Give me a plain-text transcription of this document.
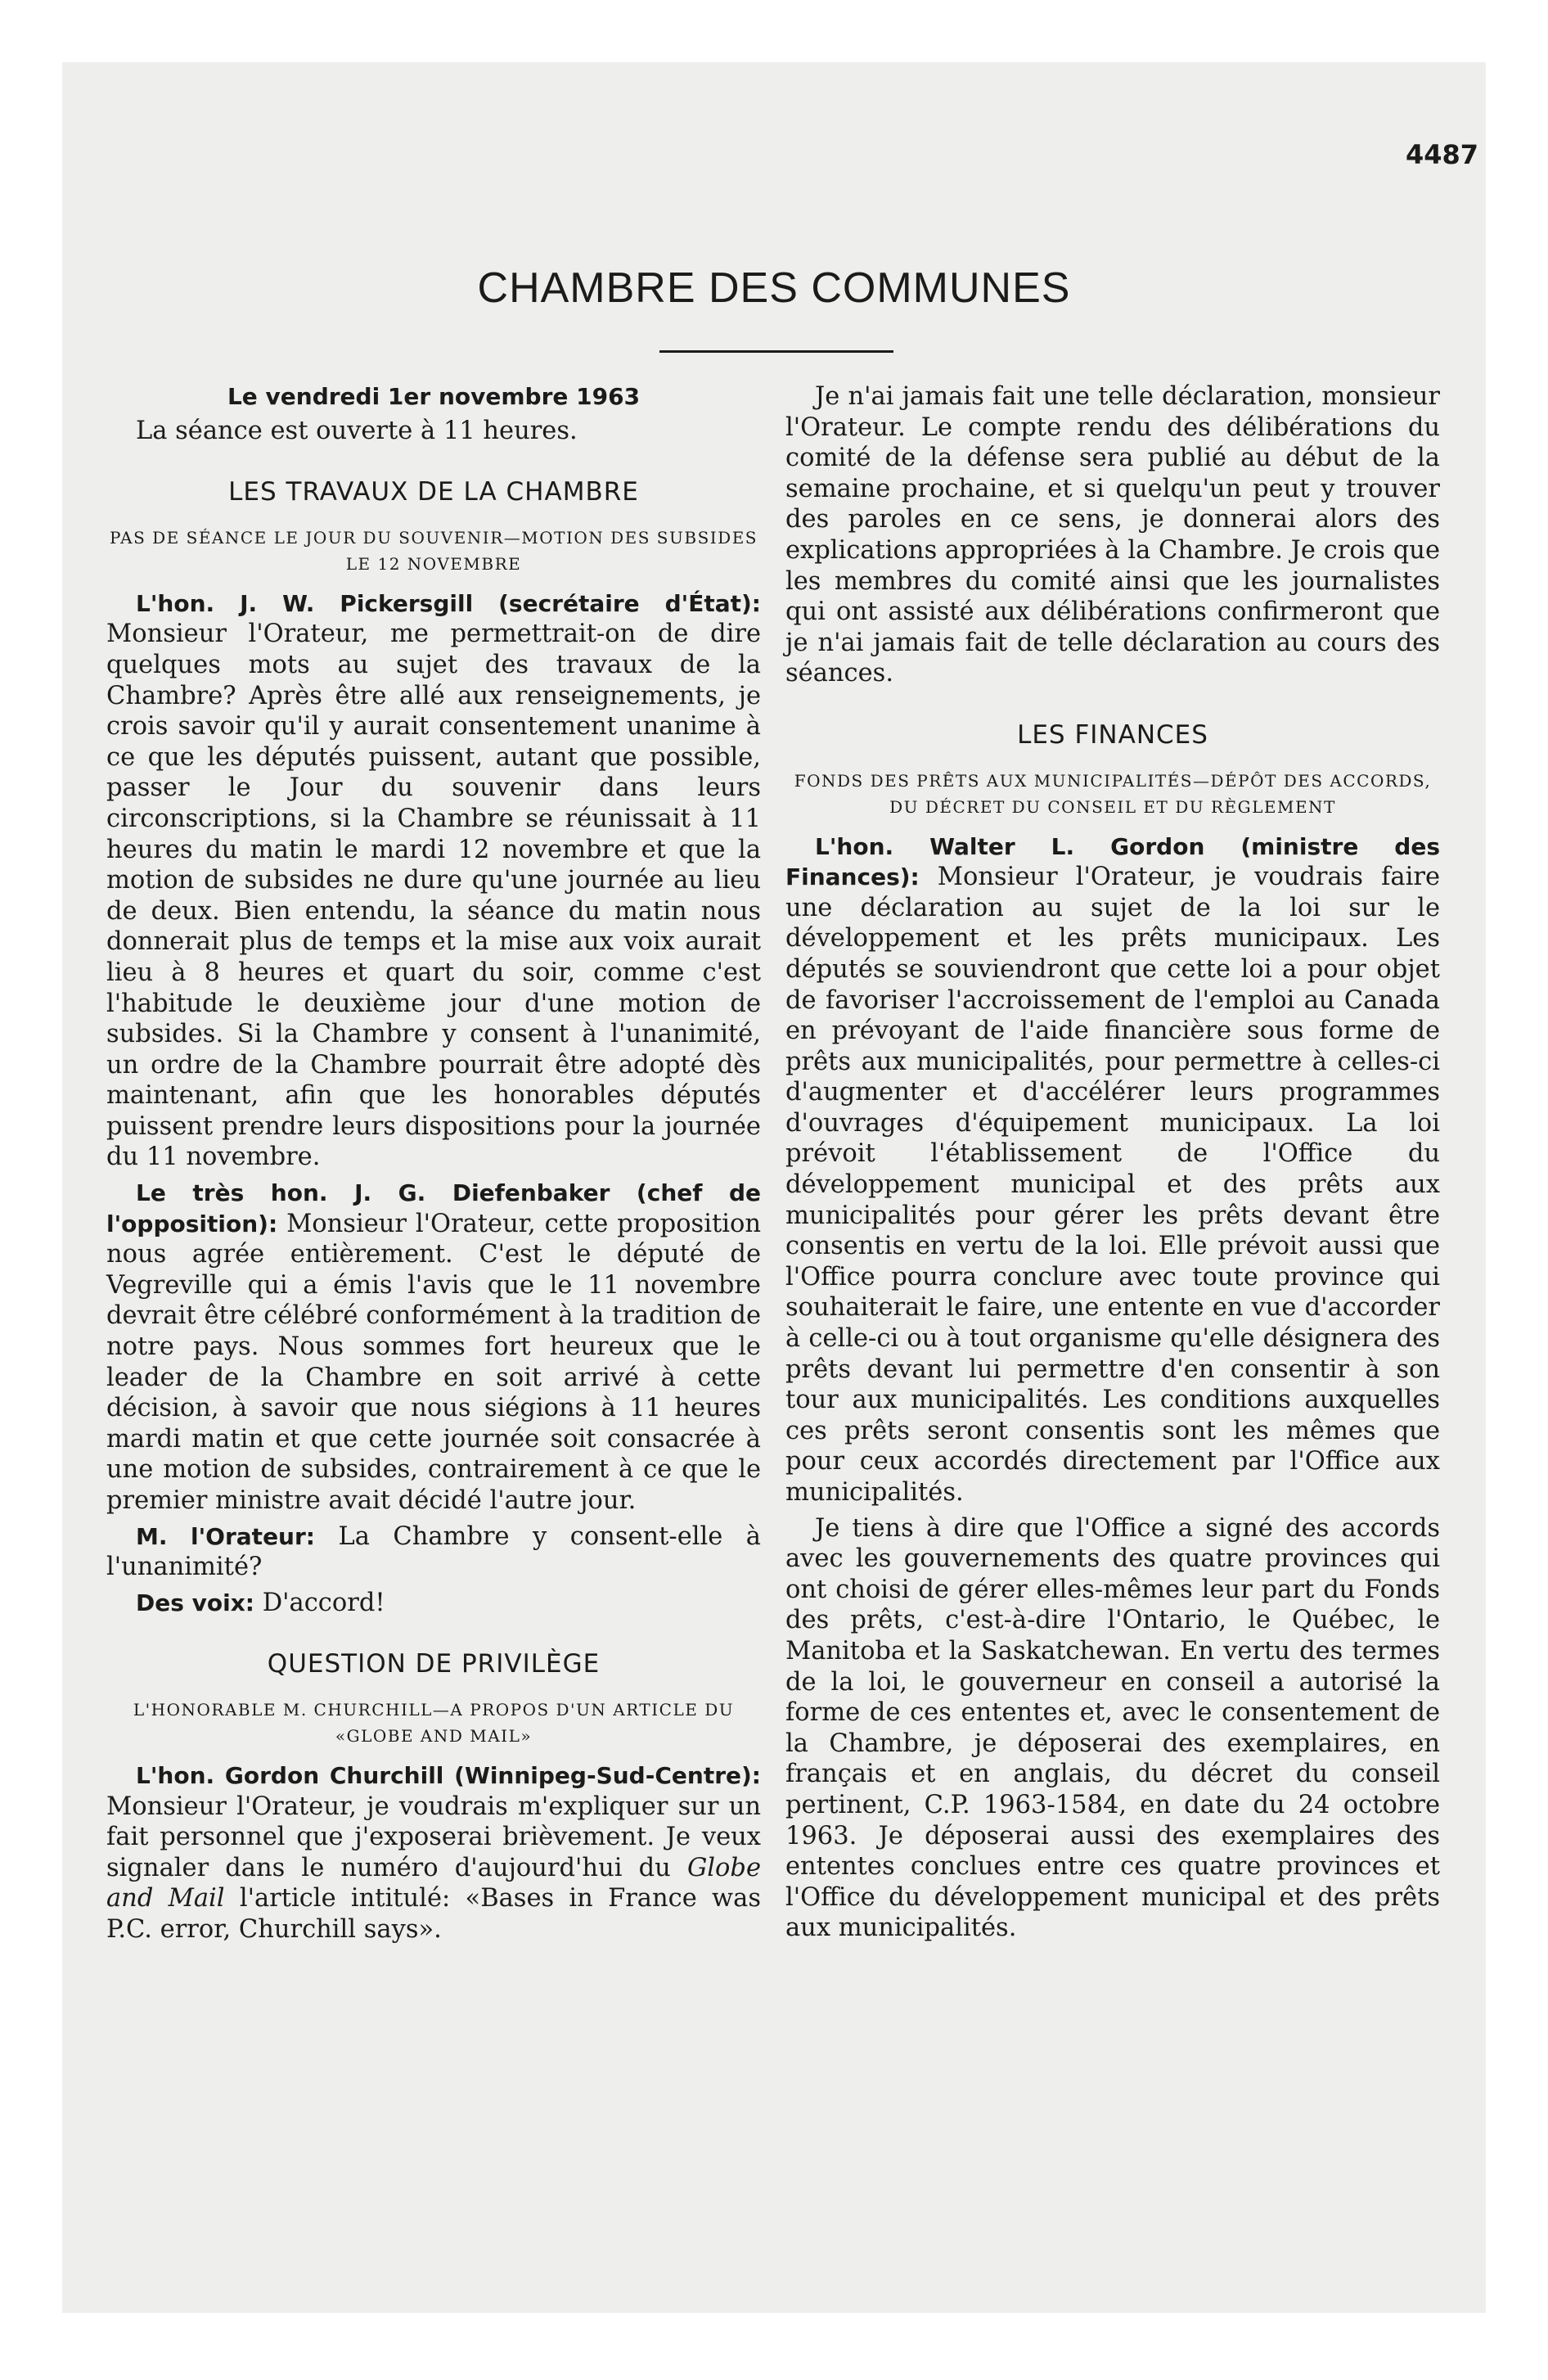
4487
CHAMBRE DES COMMUNES
Le vendredi 1er novembre 1963

La séance est ouverte à 11 heures.

LES TRAVAUX DE LA CHAMBRE
PAS DE SÉANCE LE JOUR DU SOUVENIR—MOTION DES SUBSIDES LE 12 NOVEMBRE

L'hon. J. W. Pickersgill (secrétaire d'État): Monsieur l'Orateur, me permettrait-on de dire quelques mots au sujet des travaux de la Chambre? Après être allé aux renseignements, je crois savoir qu'il y aurait consentement unanime à ce que les députés puissent, autant que possible, passer le Jour du souvenir dans leurs circonscriptions, si la Chambre se réunissait à 11 heures du matin le mardi 12 novembre et que la motion de subsides ne dure qu'une journée au lieu de deux. Bien entendu, la séance du matin nous donnerait plus de temps et la mise aux voix aurait lieu à 8 heures et quart du soir, comme c'est l'habitude le deuxième jour d'une motion de subsides. Si la Chambre y consent à l'unanimité, un ordre de la Chambre pourrait être adopté dès maintenant, afin que les honorables députés puissent prendre leurs dispositions pour la journée du 11 novembre.

Le très hon. J. G. Diefenbaker (chef de l'opposition): Monsieur l'Orateur, cette proposition nous agrée entièrement. C'est le député de Vegreville qui a émis l'avis que le 11 novembre devrait être célébré conformément à la tradition de notre pays. Nous sommes fort heureux que le leader de la Chambre en soit arrivé à cette décision, à savoir que nous siégions à 11 heures mardi matin et que cette journée soit consacrée à une motion de subsides, contrairement à ce que le premier ministre avait décidé l'autre jour.

M. l'Orateur: La Chambre y consent-elle à l'unanimité?

Des voix: D'accord!

QUESTION DE PRIVILÈGE
L'HONORABLE M. CHURCHILL—A PROPOS D'UN ARTICLE DU «GLOBE AND MAIL»

L'hon. Gordon Churchill (Winnipeg-Sud-Centre): Monsieur l'Orateur, je voudrais m'expliquer sur un fait personnel que j'exposerai brièvement. Je veux signaler dans le numéro d'aujourd'hui du Globe and Mail l'article intitulé: «Bases in France was P.C. error, Churchill says».

Je n'ai jamais fait une telle déclaration, monsieur l'Orateur. Le compte rendu des délibérations du comité de la défense sera publié au début de la semaine prochaine, et si quelqu'un peut y trouver des paroles en ce sens, je donnerai alors des explications appropriées à la Chambre. Je crois que les membres du comité ainsi que les journalistes qui ont assisté aux délibérations confirmeront que je n'ai jamais fait de telle déclaration au cours des séances.

LES FINANCES
FONDS DES PRÊTS AUX MUNICIPALITÉS—DÉPÔT DES ACCORDS, DU DÉCRET DU CONSEIL ET DU RÈGLEMENT

L'hon. Walter L. Gordon (ministre des Finances): Monsieur l'Orateur, je voudrais faire une déclaration au sujet de la loi sur le développement et les prêts municipaux. Les députés se souviendront que cette loi a pour objet de favoriser l'accroissement de l'emploi au Canada en prévoyant de l'aide financière sous forme de prêts aux municipalités, pour permettre à celles-ci d'augmenter et d'accélérer leurs programmes d'ouvrages d'équipement municipaux. La loi prévoit l'établissement de l'Office du développement municipal et des prêts aux municipalités pour gérer les prêts devant être consentis en vertu de la loi. Elle prévoit aussi que l'Office pourra conclure avec toute province qui souhaiterait le faire, une entente en vue d'accorder à celle-ci ou à tout organisme qu'elle désignera des prêts devant lui permettre d'en consentir à son tour aux municipalités. Les conditions auxquelles ces prêts seront consentis sont les mêmes que pour ceux accordés directement par l'Office aux municipalités.

Je tiens à dire que l'Office a signé des accords avec les gouvernements des quatre provinces qui ont choisi de gérer elles-mêmes leur part du Fonds des prêts, c'est-à-dire l'Ontario, le Québec, le Manitoba et la Saskatchewan. En vertu des termes de la loi, le gouverneur en conseil a autorisé la forme de ces ententes et, avec le consentement de la Chambre, je déposerai des exemplaires, en français et en anglais, du décret du conseil pertinent, C.P. 1963-1584, en date du 24 octobre 1963. Je déposerai aussi des exemplaires des ententes conclues entre ces quatre provinces et l'Office du développement municipal et des prêts aux municipalités.
